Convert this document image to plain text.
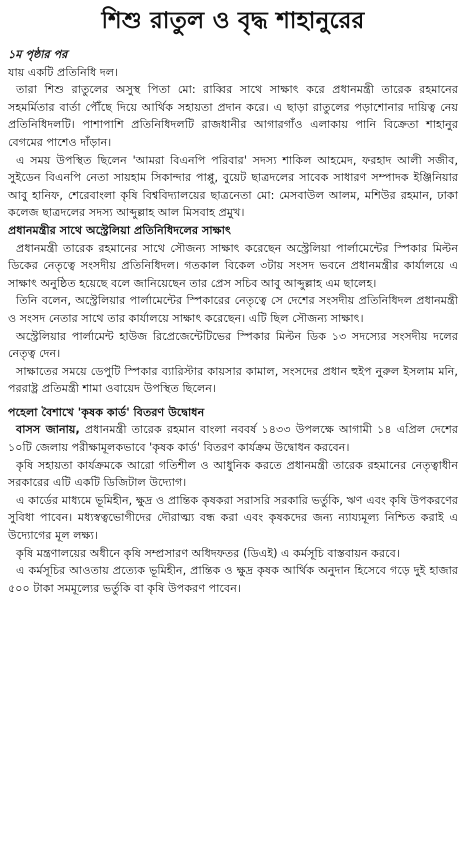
শিশু রাতুল ও বৃদ্ধ শাহানুরের

১ম পৃষ্ঠার পর

যায় একটি প্রতিনিধি দল।

তারা শিশু রাতুলের অসুস্থ পিতা মো: রাব্বির সাথে সাক্ষাৎ করে প্রধানমন্ত্রী তারেক রহমানের সহমর্মিতার বার্তা পৌঁছে দিয়ে আর্থিক সহায়তা প্রদান করে। এ ছাড়া রাতুলের পড়াশোনার দায়িত্ব নেয় প্রতিনিধিদলটি। পাশাপাশি প্রতিনিধিদলটি রাজধানীর আগারগাঁও এলাকায় পানি বিক্রেতা শাহানুর বেগমের পাশেও দাঁড়ান।

এ সময় উপস্থিত ছিলেন 'আমরা বিএনপি পরিবার' সদস্য শাকিল আহমেদ, ফরহাদ আলী সজীব, সুইডেন বিএনপি নেতা সায়হাম সিকান্দার পাপ্পু, বুয়েট ছাত্রদলের সাবেক সাধারণ সম্পাদক ইঞ্জিনিয়ার আবু হানিফ, শেরেবাংলা কৃষি বিশ্ববিদ্যালয়ের ছাত্রনেতা মো: মেসবাউল আলম, মশিউর রহমান, ঢাকা কলেজ ছাত্রদলের সদস্য আব্দুল্লাহ আল মিসবাহ প্রমুখ।

প্রধানমন্ত্রীর সাথে অস্ট্রেলিয়া প্রতিনিধিদলের সাক্ষাৎ

প্রধানমন্ত্রী তারেক রহমানের সাথে সৌজন্য সাক্ষাৎ করেছেন অস্ট্রেলিয়া পার্লামেন্টের স্পিকার মিল্টন ডিকের নেতৃত্বে সংসদীয় প্রতিনিধিদল। গতকাল বিকেল ৩টায় সংসদ ভবনে প্রধানমন্ত্রীর কার্যালয়ে এ সাক্ষাৎ অনুষ্ঠিত হয়েছে বলে জানিয়েছেন তার প্রেস সচিব আবু আব্দুল্লাহ এম ছালেহ।

তিনি বলেন, অস্ট্রেলিয়ার পার্লামেন্টের স্পিকারের নেতৃত্বে সে দেশের সংসদীয় প্রতিনিধিদল প্রধানমন্ত্রী ও সংসদ নেতার সাথে তার কার্যালয়ে সাক্ষাৎ করেছেন। এটি ছিল সৌজন্য সাক্ষাৎ।

অস্ট্রেলিয়ার পার্লামেন্ট হাউজ রিপ্রেজেন্টেটিভের স্পিকার মিল্টন ডিক ১৩ সদস্যের সংসদীয় দলের নেতৃত্ব দেন।

সাক্ষাতের সময়ে ডেপুটি স্পিকার ব্যারিস্টার কায়সার কামাল, সংসদের প্রধান হুইপ নুরুল ইসলাম মনি, পররাষ্ট্র প্রতিমন্ত্রী শামা ওবায়েদ উপস্থিত ছিলেন।

পহেলা বৈশাখে 'কৃষক কার্ড' বিতরণ উদ্বোধন

বাসস জানায়, প্রধানমন্ত্রী তারেক রহমান বাংলা নববর্ষ ১৪৩৩ উপলক্ষে আগামী ১৪ এপ্রিল দেশের ১০টি জেলায় পরীক্ষামূলকভাবে 'কৃষক কার্ড' বিতরণ কার্যক্রম উদ্বোধন করবেন।

কৃষি সহায়তা কার্যক্রমকে আরো গতিশীল ও আধুনিক করতে প্রধানমন্ত্রী তারেক রহমানের নেতৃত্বাধীন সরকারের এটি একটি ডিজিটাল উদ্যোগ।

এ কার্ডের মাধ্যমে ভূমিহীন, ক্ষুদ্র ও প্রান্তিক কৃষকরা সরাসরি সরকারি ভর্তুকি, ঋণ এবং কৃষি উপকরণের সুবিধা পাবেন। মধ্যস্বত্বভোগীদের দৌরাত্ম্য বন্ধ করা এবং কৃষকদের জন্য ন্যায্যমূল্য নিশ্চিত করাই এ উদ্যোগের মূল লক্ষ্য।

কৃষি মন্ত্রণালয়ের অধীনে কৃষি সম্প্রসারণ অধিদফতর (ডিএই) এ কর্মসূচি বাস্তবায়ন করবে।

এ কর্মসূচির আওতায় প্রত্যেক ভূমিহীন, প্রান্তিক ও ক্ষুদ্র কৃষক আর্থিক অনুদান হিসেবে গড়ে দুই হাজার ৫০০ টাকা সমমূল্যের ভর্তুকি বা কৃষি উপকরণ পাবেন।
